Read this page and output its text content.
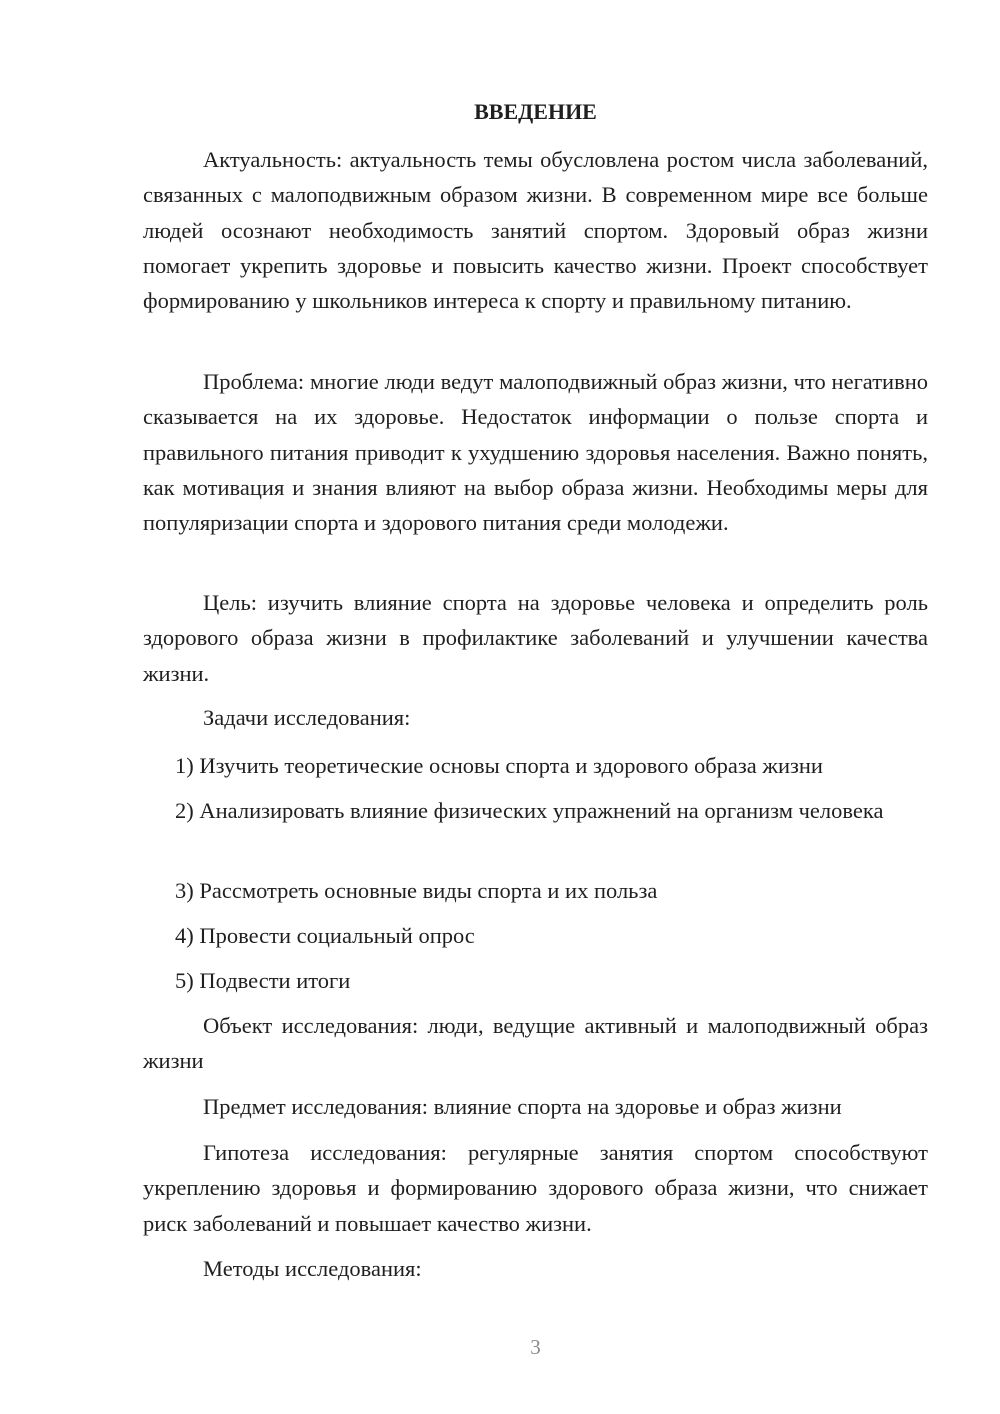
ВВЕДЕНИЕ

Актуальность: актуальность темы обусловлена ростом числа заболеваний, связанных с малоподвижным образом жизни. В современном мире все больше людей осознают необходимость занятий спортом. Здоровый образ жизни помогает укрепить здоровье и повысить качество жизни. Проект способствует формированию у школьников интереса к спорту и правильному питанию.

Проблема: многие люди ведут малоподвижный образ жизни, что негативно сказывается на их здоровье. Недостаток информации о пользе спорта и правильного питания приводит к ухудшению здоровья населения. Важно понять, как мотивация и знания влияют на выбор образа жизни. Необходимы меры для популяризации спорта и здорового питания среди молодежи.

Цель: изучить влияние спорта на здоровье человека и определить роль здорового образа жизни в профилактике заболеваний и улучшении качества жизни.

Задачи исследования:

1) Изучить теоретические основы спорта и здорового образа жизни

2) Анализировать влияние физических упражнений на организм человека

3) Рассмотреть основные виды спорта и их польза

4) Провести социальный опрос

5) Подвести итоги

Объект исследования: люди, ведущие активный и малоподвижный образ жизни

Предмет исследования: влияние спорта на здоровье и образ жизни

Гипотеза исследования: регулярные занятия спортом способствуют укреплению здоровья и формированию здорового образа жизни, что снижает риск заболеваний и повышает качество жизни.

Методы исследования:

3
